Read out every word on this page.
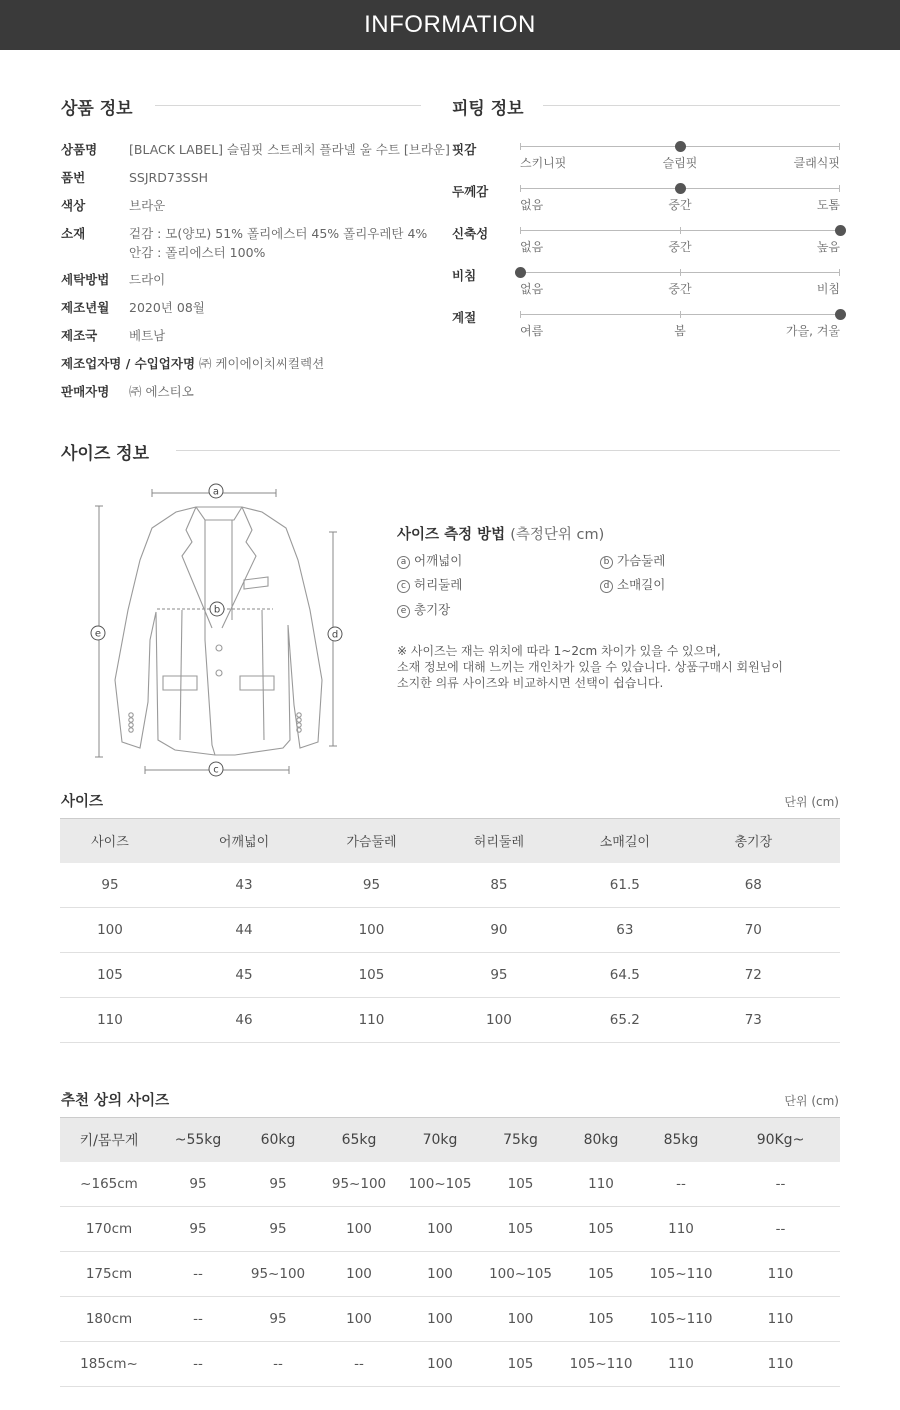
INFORMATION
상품 정보
상품명	[BLACK LABEL] 슬림핏 스트레치 플라넬 울 수트 [브라운]
품번	SSJRD73SSH
색상	브라운
소재	겉감 : 모(양모) 51% 폴리에스터 45% 폴리우레탄 4%
안감 : 폴리에스터 100%
세탁방법 드라이
제조년월 2020년 08월
제조국	베트남
제조업자명 / 수입업자명 ㈜ 케이에이치씨컬렉션
판매자명 ㈜ 에스티오
피팅 정보
핏감
스키니핏	슬림핏	클래식핏
두께감
없음	중간	도톰
신축성
없음	중간	높음
비침
없음	중간	비침
계절
여름	봄	가을, 겨울
사이즈 정보
a
b
c
d
e
사이즈 측정 방법 (측정단위 cm)
a 어깨넓이	b 가슴둘레
c 허리둘레	d 소매길이
e 총기장
※ 사이즈는 재는 위치에 따라 1~2cm 차이가 있을 수 있으며,
소재 정보에 대해 느끼는 개인차가 있을 수 있습니다. 상품구매시 회원님이
소지한 의류 사이즈와 비교하시면 선택이 쉽습니다.
사이즈	단위 (cm)
사이즈	어깨넓이	가슴둘레	허리둘레	소매길이	총기장
95	43	95	85	61.5	68
100	44	100	90	63	70
105	45	105	95	64.5	72
110	46	110	100	65.2	73
추천 상의 사이즈	단위 (cm)
키/몸무게	~55kg	60kg	65kg	70kg	75kg	80kg	85kg	90Kg~
~165cm	95	95	95~100	100~105	105	110	--	--
170cm	95	95	100	100	105	105	110	--
175cm	--	95~100	100	100	100~105	105	105~110	110
180cm	--	95	100	100	100	105	105~110	110
185cm~	--	--	--	100	105	105~110	110	110
